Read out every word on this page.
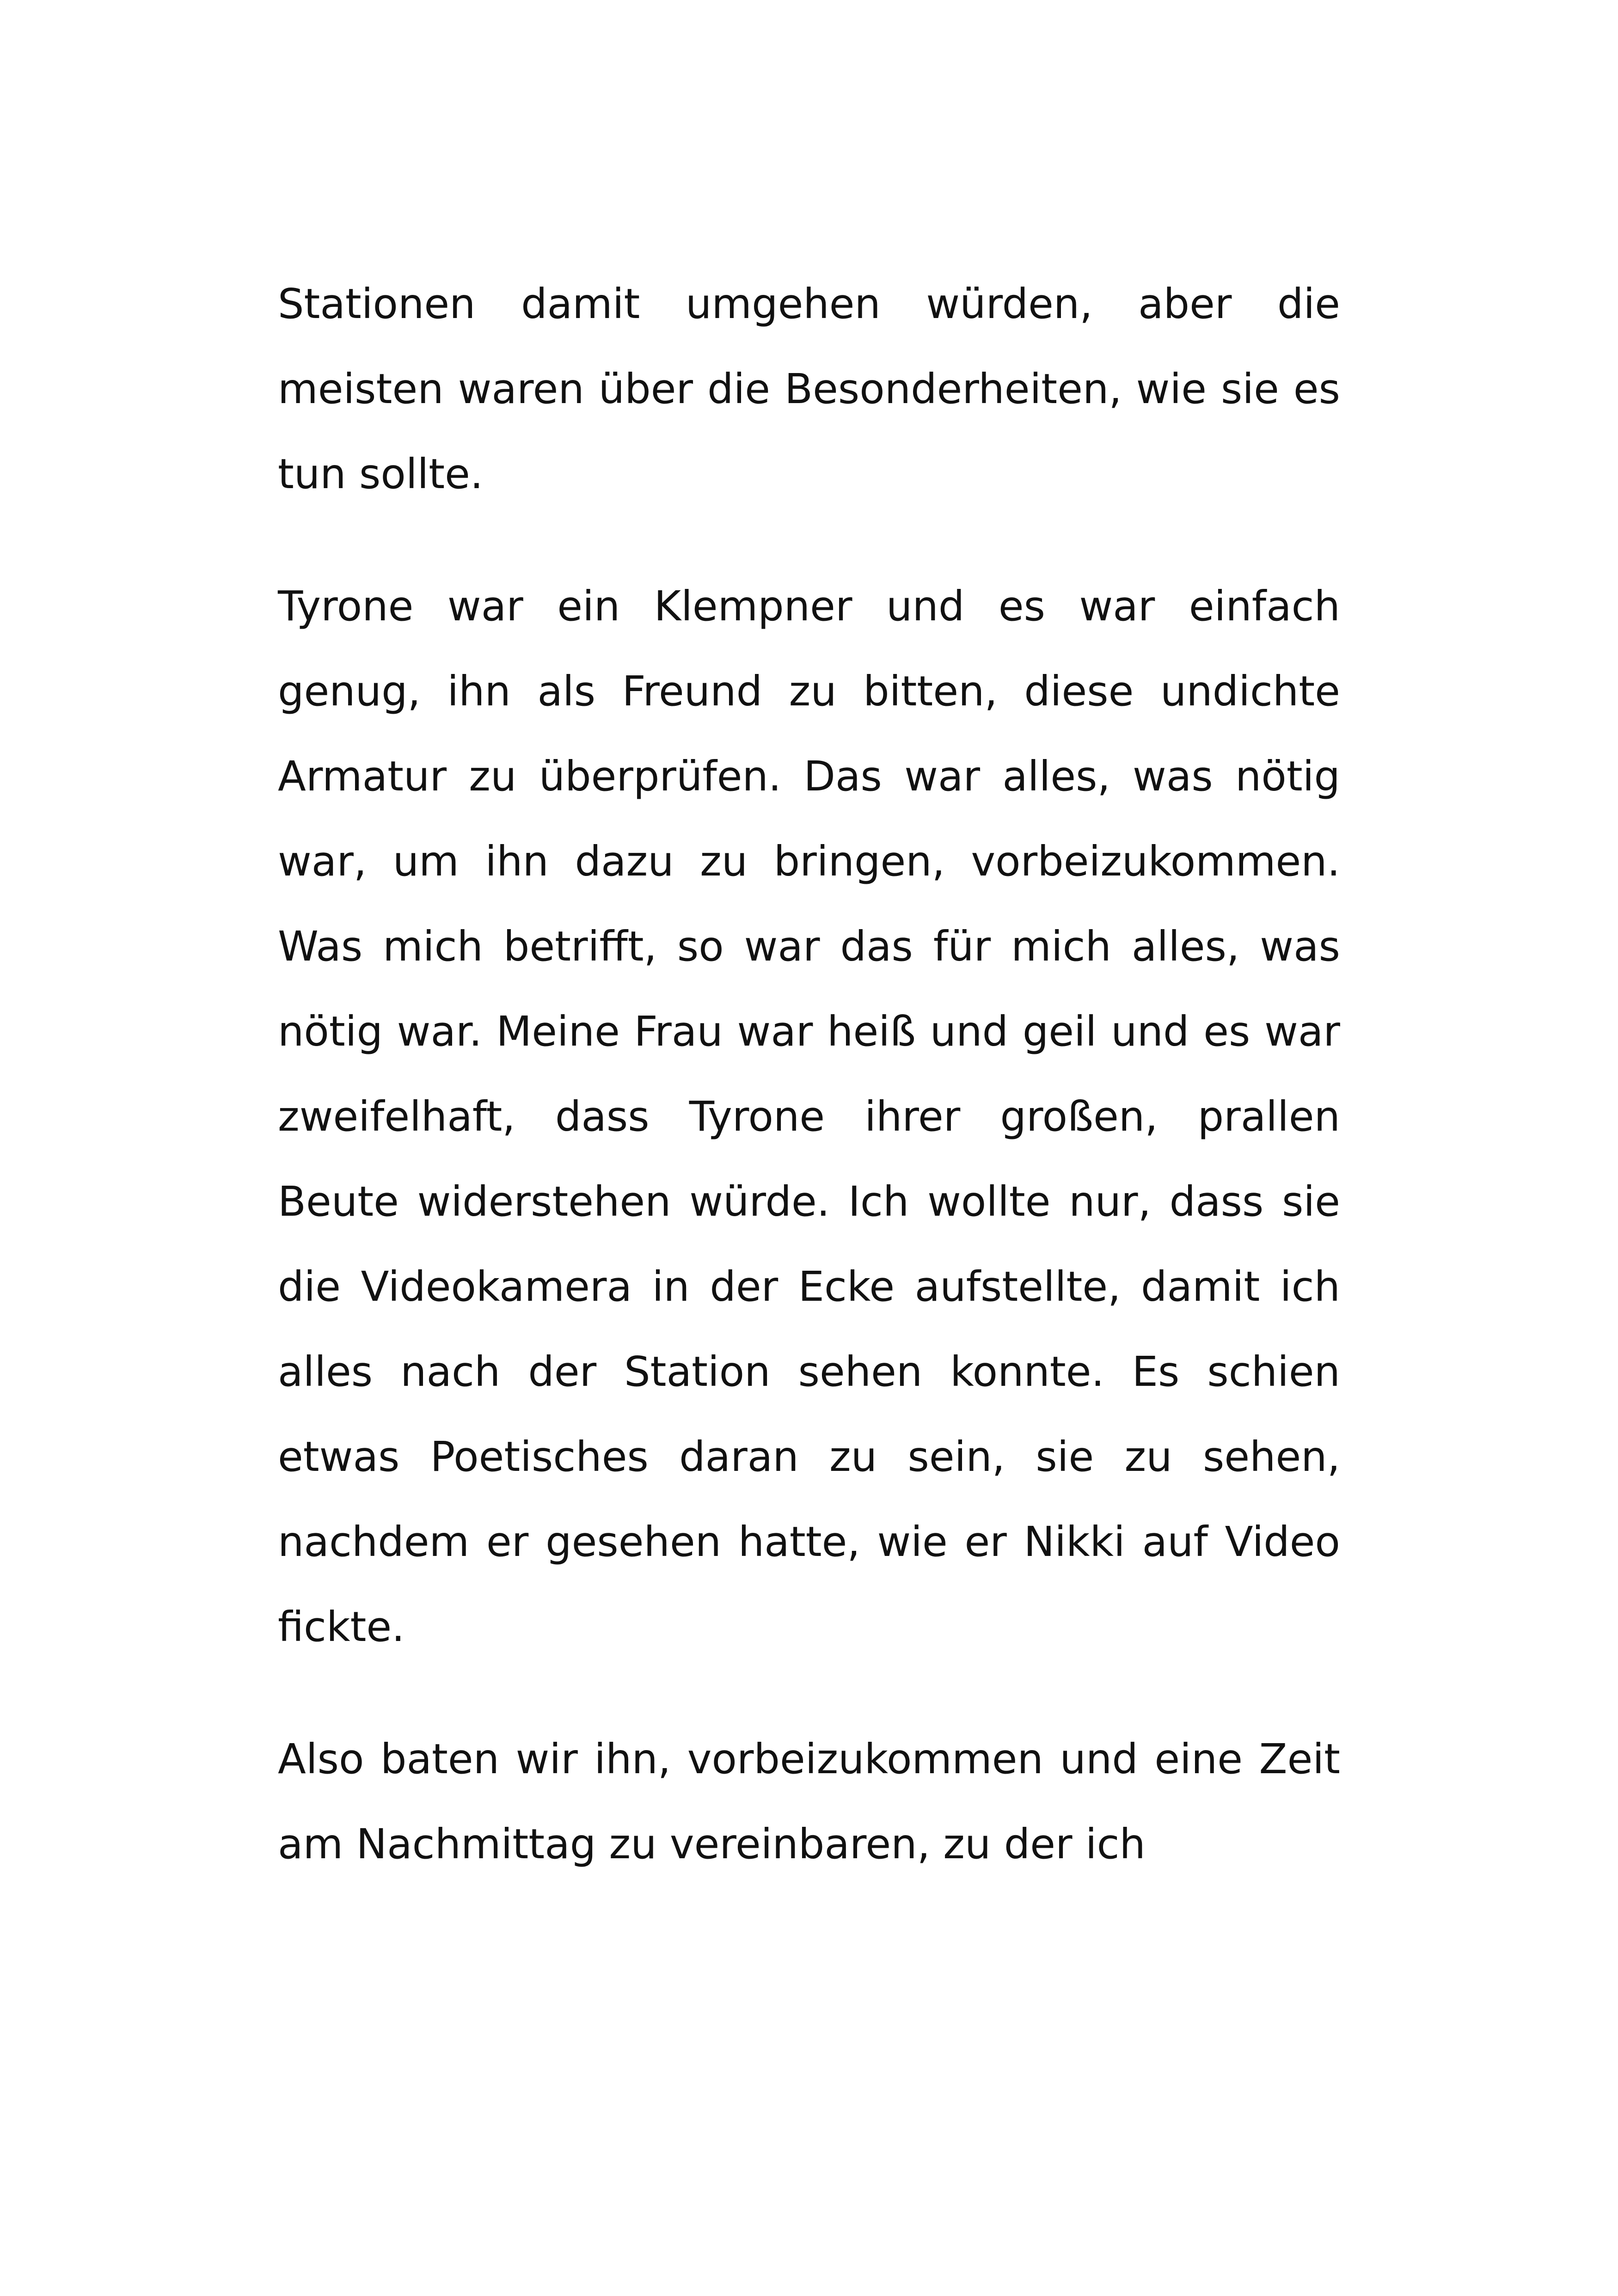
Stationen damit umgehen würden, aber die meisten waren über die Besonderheiten, wie sie es tun sollte.

Tyrone war ein Klempner und es war einfach genug, ihn als Freund zu bitten, diese undichte Armatur zu überprüfen. Das war alles, was nötig war, um ihn dazu zu bringen, vorbeizukommen. Was mich betrifft, so war das für mich alles, was nötig war. Meine Frau war heiß und geil und es war zweifelhaft, dass Tyrone ihrer großen, prallen Beute widerstehen würde. Ich wollte nur, dass sie die Videokamera in der Ecke aufstellte, damit ich alles nach der Station sehen konnte. Es schien etwas Poetisches daran zu sein, sie zu sehen, nachdem er gesehen hatte, wie er Nikki auf Video fickte.

Also baten wir ihn, vorbeizukommen und eine Zeit am Nachmittag zu vereinbaren, zu der ich
